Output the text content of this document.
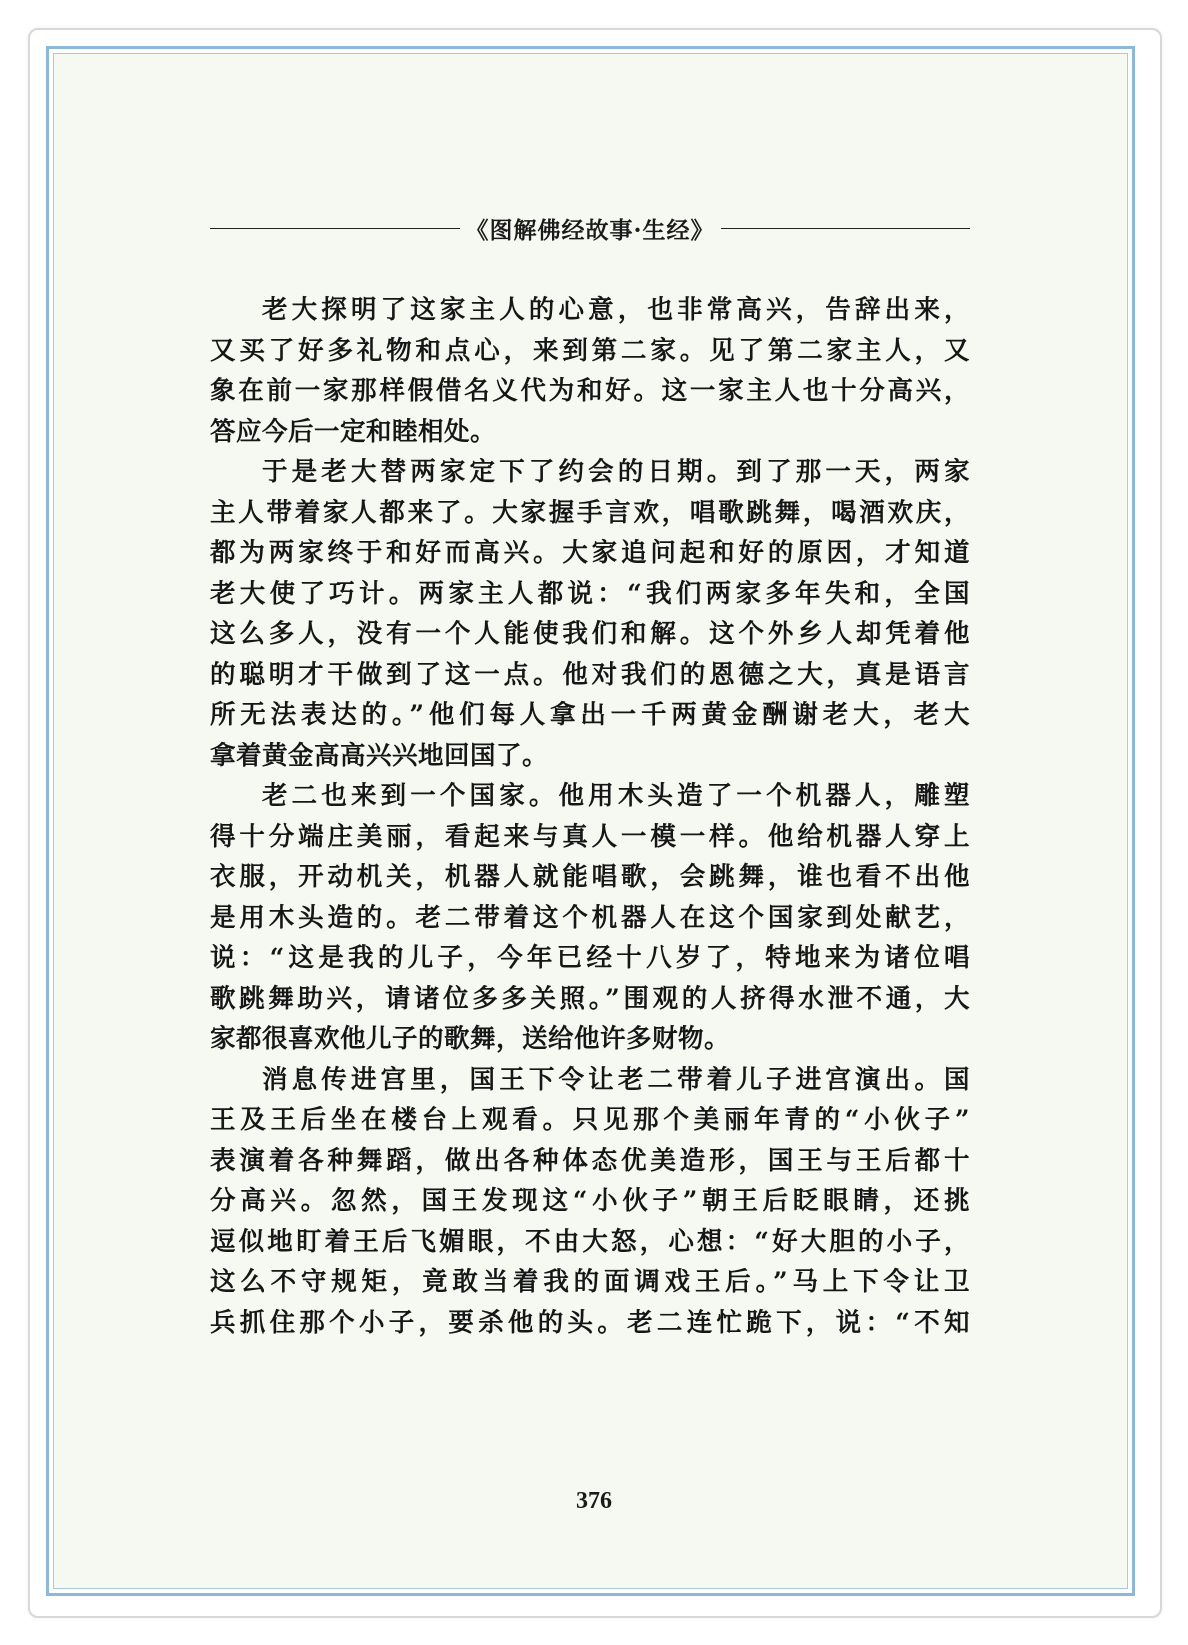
《图解佛经故事·生经》
老大探明了这家主人的心意，也非常高兴，告辞出来，
又买了好多礼物和点心，来到第二家。见了第二家主人，又
象在前一家那样假借名义代为和好。这一家主人也十分高兴，
答应今后一定和睦相处。
于是老大替两家定下了约会的日期。到了那一天，两家
主人带着家人都来了。大家握手言欢，唱歌跳舞，喝酒欢庆，
都为两家终于和好而高兴。大家追问起和好的原因，才知道
老大使了巧计。两家主人都说：“我们两家多年失和，全国
这么多人，没有一个人能使我们和解。这个外乡人却凭着他
的聪明才干做到了这一点。他对我们的恩德之大，真是语言
所无法表达的。”他们每人拿出一千两黄金酬谢老大，老大
拿着黄金高高兴兴地回国了。
老二也来到一个国家。他用木头造了一个机器人，雕塑
得十分端庄美丽，看起来与真人一模一样。他给机器人穿上
衣服，开动机关，机器人就能唱歌，会跳舞，谁也看不出他
是用木头造的。老二带着这个机器人在这个国家到处献艺，
说：“这是我的儿子，今年已经十八岁了，特地来为诸位唱
歌跳舞助兴，请诸位多多关照。”围观的人挤得水泄不通，大
家都很喜欢他儿子的歌舞，送给他许多财物。
消息传进宫里，国王下令让老二带着儿子进宫演出。国
王及王后坐在楼台上观看。只见那个美丽年青的“小伙子”
表演着各种舞蹈，做出各种体态优美造形，国王与王后都十
分高兴。忽然，国王发现这“小伙子”朝王后眨眼睛，还挑
逗似地盯着王后飞媚眼，不由大怒，心想：“好大胆的小子，
这么不守规矩，竟敢当着我的面调戏王后。”马上下令让卫
兵抓住那个小子，要杀他的头。老二连忙跪下，说：“不知
376
